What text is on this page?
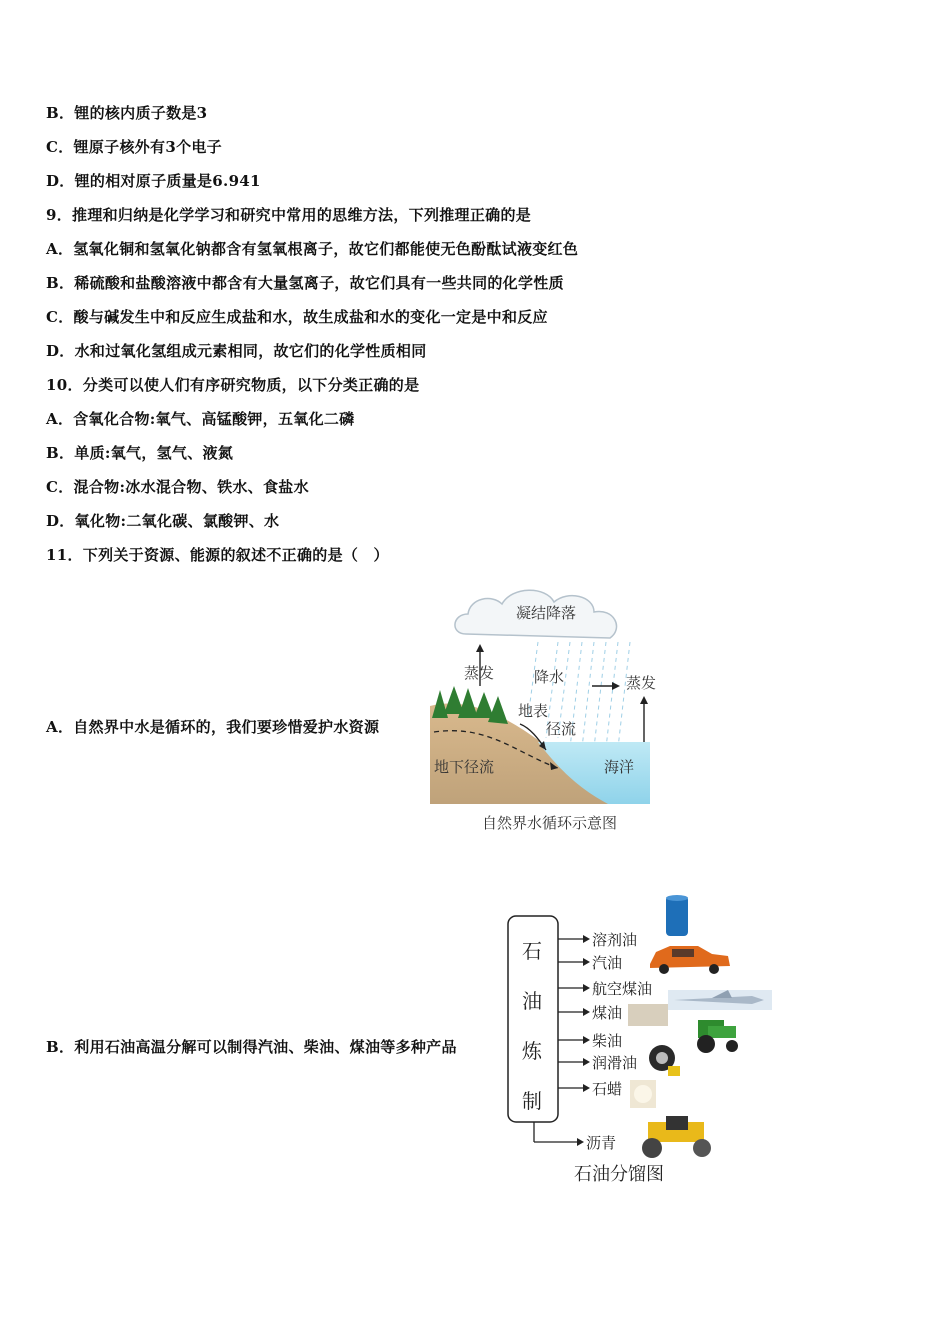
B．锂的核内质子数是3
C．锂原子核外有3个电子
D．锂的相对原子质量是6.941
9．推理和归纳是化学学习和研究中常用的思维方法，下列推理正确的是
A．氢氧化铜和氢氧化钠都含有氢氧根离子，故它们都能使无色酚酞试液变红色
B．稀硫酸和盐酸溶液中都含有大量氢离子，故它们具有一些共同的化学性质
C．酸与碱发生中和反应生成盐和水，故生成盐和水的变化一定是中和反应
D．水和过氧化氢组成元素相同，故它们的化学性质相同
10．分类可以使人们有序研究物质，以下分类正确的是
A．含氧化合物:氧气、高锰酸钾，五氧化二磷
B．单质:氧气，氢气、液氮
C．混合物:冰水混合物、铁水、食盐水
D．氧化物:二氧化碳、氯酸钾、水
11．下列关于资源、能源的叙述不正确的是（　）
A．自然界中水是循环的，我们要珍惜爱护水资源
B．利用石油高温分解可以制得汽油、柴油、煤油等多种产品
凝结降落
蒸发	降水	蒸发
地表
径流
地下径流	海洋
自然界水循环示意图
石
油
炼
制
溶剂油
汽油
航空煤油
煤油
柴油
润滑油
石蜡
沥青
石油分馏图
